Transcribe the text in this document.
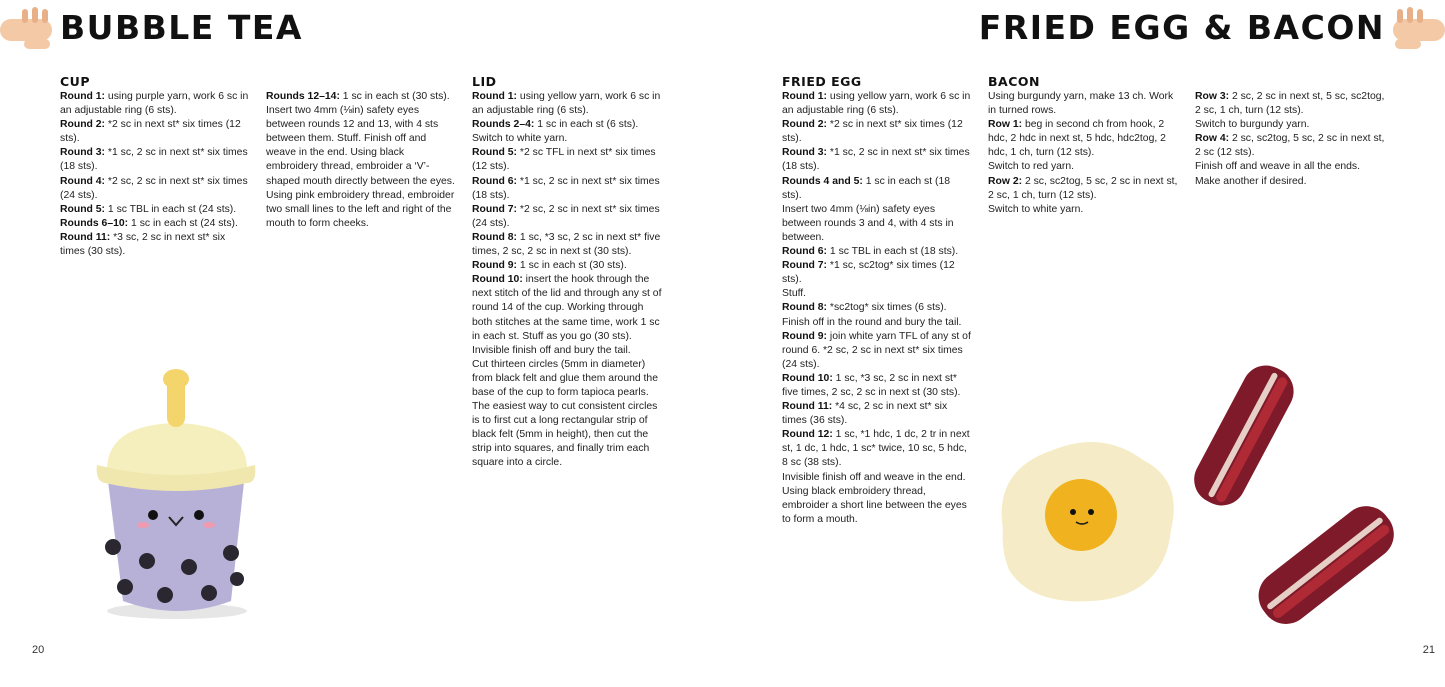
BUBBLE TEA
CUP

Round 1: using purple yarn, work 6 sc in an adjustable ring (6 sts).

Round 2: *2 sc in next st* six times (12 sts).

Round 3: *1 sc, 2 sc in next st* six times (18 sts).

Round 4: *2 sc, 2 sc in next st* six times (24 sts).

Round 5: 1 sc TBL in each st (24 sts).

Rounds 6–10: 1 sc in each st (24 sts).

Round 11: *3 sc, 2 sc in next st* six times (30 sts).

Rounds 12–14: 1 sc in each st (30 sts).

Insert two 4mm (⅛in) safety eyes between rounds 12 and 13, with 4 sts between them. Stuff. Finish off and weave in the end. Using black embroidery thread, embroider a ‘V’-shaped mouth directly between the eyes. Using pink embroidery thread, embroider two small lines to the left and right of the mouth to form cheeks.

LID

Round 1: using yellow yarn, work 6 sc in an adjustable ring (6 sts).

Rounds 2–4: 1 sc in each st (6 sts).

Switch to white yarn.

Round 5: *2 sc TFL in next st* six times (12 sts).

Round 6: *1 sc, 2 sc in next st* six times (18 sts).

Round 7: *2 sc, 2 sc in next st* six times (24 sts).

Round 8: 1 sc, *3 sc, 2 sc in next st* five times, 2 sc, 2 sc in next st (30 sts).

Round 9: 1 sc in each st (30 sts).

Round 10: insert the hook through the next stitch of the lid and through any st of round 14 of the cup. Working through both stitches at the same time, work 1 sc in each st. Stuff as you go (30 sts).

Invisible finish off and bury the tail.

Cut thirteen circles (5mm in diameter) from black felt and glue them around the base of the cup to form tapioca pearls. The easiest way to cut consistent circles is to first cut a long rectangular strip of black felt (5mm in height), then cut the strip into squares, and finally trim each square into a circle.

20
FRIED EGG & BACON
FRIED EGG

Round 1: using yellow yarn, work 6 sc in an adjustable ring (6 sts).

Round 2: *2 sc in next st* six times (12 sts).

Round 3: *1 sc, 2 sc in next st* six times (18 sts).

Rounds 4 and 5: 1 sc in each st (18 sts).

Insert two 4mm (⅛in) safety eyes between rounds 3 and 4, with 4 sts in between.

Round 6: 1 sc TBL in each st (18 sts).

Round 7: *1 sc, sc2tog* six times (12 sts).

Stuff.

Round 8: *sc2tog* six times (6 sts).

Finish off in the round and bury the tail.

Round 9: join white yarn TFL of any st of round 6. *2 sc, 2 sc in next st* six times (24 sts).

Round 10: 1 sc, *3 sc, 2 sc in next st* five times, 2 sc, 2 sc in next st (30 sts).

Round 11: *4 sc, 2 sc in next st* six times (36 sts).

Round 12: 1 sc, *1 hdc, 1 dc, 2 tr in next st, 1 dc, 1 hdc, 1 sc* twice, 10 sc, 5 hdc, 8 sc (38 sts).

Invisible finish off and weave in the end. Using black embroidery thread, embroider a short line between the eyes to form a mouth.

BACON

Using burgundy yarn, make 13 ch. Work in turned rows.

Row 1: beg in second ch from hook, 2 hdc, 2 hdc in next st, 5 hdc, hdc2tog, 2 hdc, 1 ch, turn (12 sts).

Switch to red yarn.

Row 2: 2 sc, sc2tog, 5 sc, 2 sc in next st, 2 sc, 1 ch, turn (12 sts).

Switch to white yarn.

Row 3: 2 sc, 2 sc in next st, 5 sc, sc2tog, 2 sc, 1 ch, turn (12 sts).

Switch to burgundy yarn.

Row 4: 2 sc, sc2tog, 5 sc, 2 sc in next st, 2 sc (12 sts).

Finish off and weave in all the ends.

Make another if desired.

21
